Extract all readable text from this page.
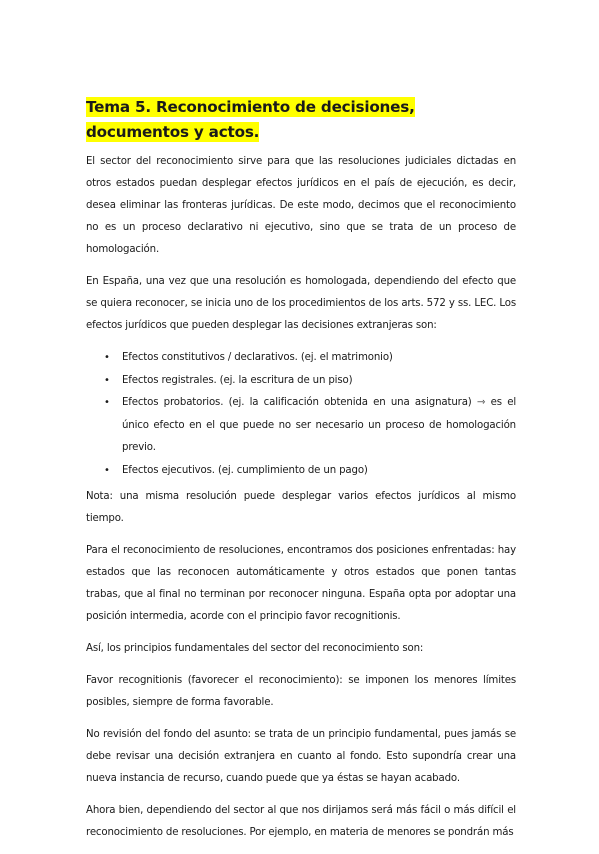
Tema 5. Reconocimiento de decisiones, documentos y actos.

El sector del reconocimiento sirve para que las resoluciones judiciales dictadas en otros estados puedan desplegar efectos jurídicos en el país de ejecución, es decir, desea eliminar las fronteras jurídicas. De este modo, decimos que el reconocimiento no es un proceso declarativo ni ejecutivo, sino que se trata de un proceso de homologación.

En España, una vez que una resolución es homologada, dependiendo del efecto que se quiera reconocer, se inicia uno de los procedimientos de los arts. 572 y ss. LEC. Los efectos jurídicos que pueden desplegar las decisiones extranjeras son:

• Efectos constitutivos / declarativos. (ej. el matrimonio)
• Efectos registrales. (ej. la escritura de un piso)
• Efectos probatorios. (ej. la calificación obtenida en una asignatura) ⇾ es el único efecto en el que puede no ser necesario un proceso de homologación previo.
• Efectos ejecutivos. (ej. cumplimiento de un pago)

Nota: una misma resolución puede desplegar varios efectos jurídicos al mismo tiempo.

Para el reconocimiento de resoluciones, encontramos dos posiciones enfrentadas: hay estados que las reconocen automáticamente y otros estados que ponen tantas trabas, que al final no terminan por reconocer ninguna. España opta por adoptar una posición intermedia, acorde con el principio favor recognitionis.

Así, los principios fundamentales del sector del reconocimiento son:

Favor recognitionis (favorecer el reconocimiento): se imponen los menores límites posibles, siempre de forma favorable.

No revisión del fondo del asunto: se trata de un principio fundamental, pues jamás se debe revisar una decisión extranjera en cuanto al fondo. Esto supondría crear una nueva instancia de recurso, cuando puede que ya éstas se hayan acabado.

Ahora bien, dependiendo del sector al que nos dirijamos será más fácil o más difícil el reconocimiento de resoluciones. Por ejemplo, en materia de menores se pondrán más
